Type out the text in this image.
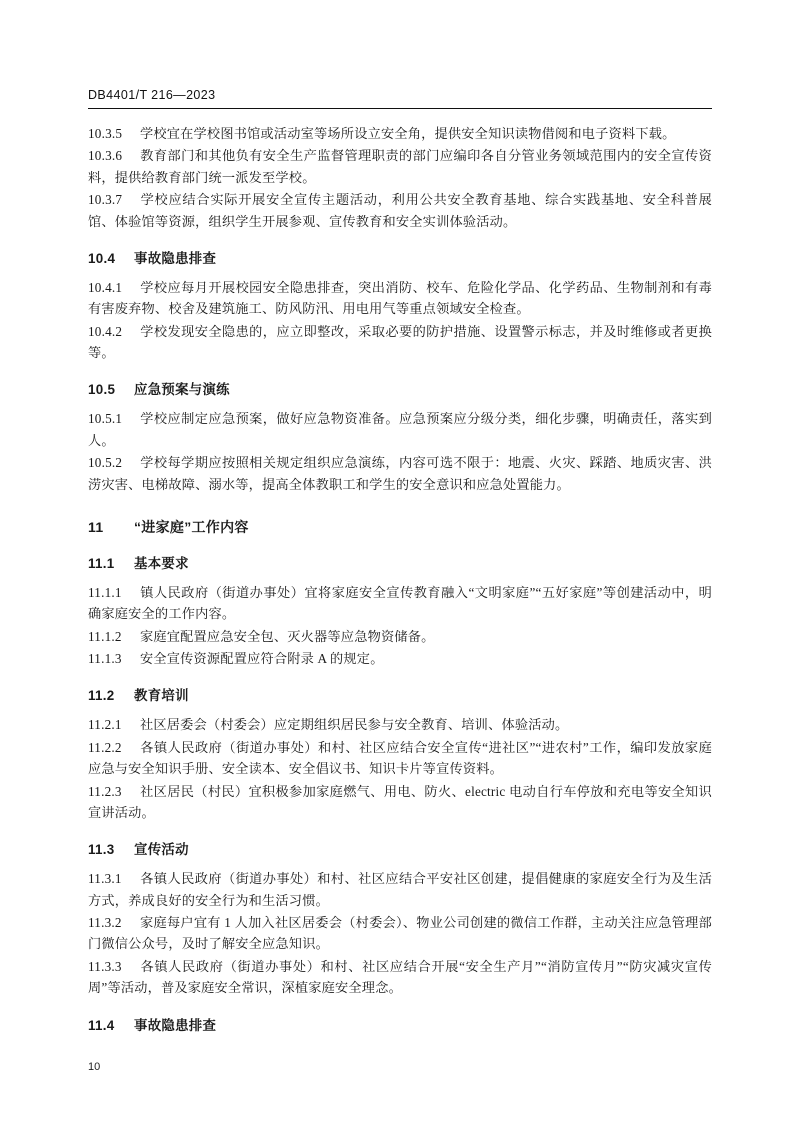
DB4401/T 216—2023
10.3.5 学校宜在学校图书馆或活动室等场所设立安全角，提供安全知识读物借阅和电子资料下载。
10.3.6 教育部门和其他负有安全生产监督管理职责的部门应编印各自分管业务领域范围内的安全宣传资料，提供给教育部门统一派发至学校。
10.3.7 学校应结合实际开展安全宣传主题活动，利用公共安全教育基地、综合实践基地、安全科普展馆、体验馆等资源，组织学生开展参观、宣传教育和安全实训体验活动。
10.4 事故隐患排查
10.4.1 学校应每月开展校园安全隐患排查，突出消防、校车、危险化学品、化学药品、生物制剂和有毒有害废弃物、校舍及建筑施工、防风防汛、用电用气等重点领域安全检查。
10.4.2 学校发现安全隐患的，应立即整改，采取必要的防护措施、设置警示标志，并及时维修或者更换等。
10.5 应急预案与演练
10.5.1 学校应制定应急预案，做好应急物资准备。应急预案应分级分类，细化步骤，明确责任，落实到人。
10.5.2 学校每学期应按照相关规定组织应急演练，内容可选不限于：地震、火灾、踩踏、地质灾害、洪涝灾害、电梯故障、溺水等，提高全体教职工和学生的安全意识和应急处置能力。
11 “进家庭”工作内容
11.1 基本要求
11.1.1 镇人民政府（街道办事处）宜将家庭安全宣传教育融入“文明家庭”“五好家庭”等创建活动中，明确家庭安全的工作内容。
11.1.2 家庭宜配置应急安全包、灭火器等应急物资储备。
11.1.3 安全宣传资源配置应符合附录 A 的规定。
11.2 教育培训
11.2.1 社区居委会（村委会）应定期组织居民参与安全教育、培训、体验活动。
11.2.2 各镇人民政府（街道办事处）和村、社区应结合安全宣传“进社区”“进农村”工作，编印发放家庭应急与安全知识手册、安全读本、安全倡议书、知识卡片等宣传资料。
11.2.3 社区居民（村民）宜积极参加家庭燃气、用电、防火、electric 电动自行车停放和充电等安全知识宣讲活动。
11.3 宣传活动
11.3.1 各镇人民政府（街道办事处）和村、社区应结合平安社区创建，提倡健康的家庭安全行为及生活方式，养成良好的安全行为和生活习惯。
11.3.2 家庭每户宜有 1 人加入社区居委会（村委会）、物业公司创建的微信工作群，主动关注应急管理部门微信公众号，及时了解安全应急知识。
11.3.3 各镇人民政府（街道办事处）和村、社区应结合开展“安全生产月”“消防宣传月”“防灾减灾宣传周”等活动，普及家庭安全常识，深植家庭安全理念。
11.4 事故隐患排查
10
